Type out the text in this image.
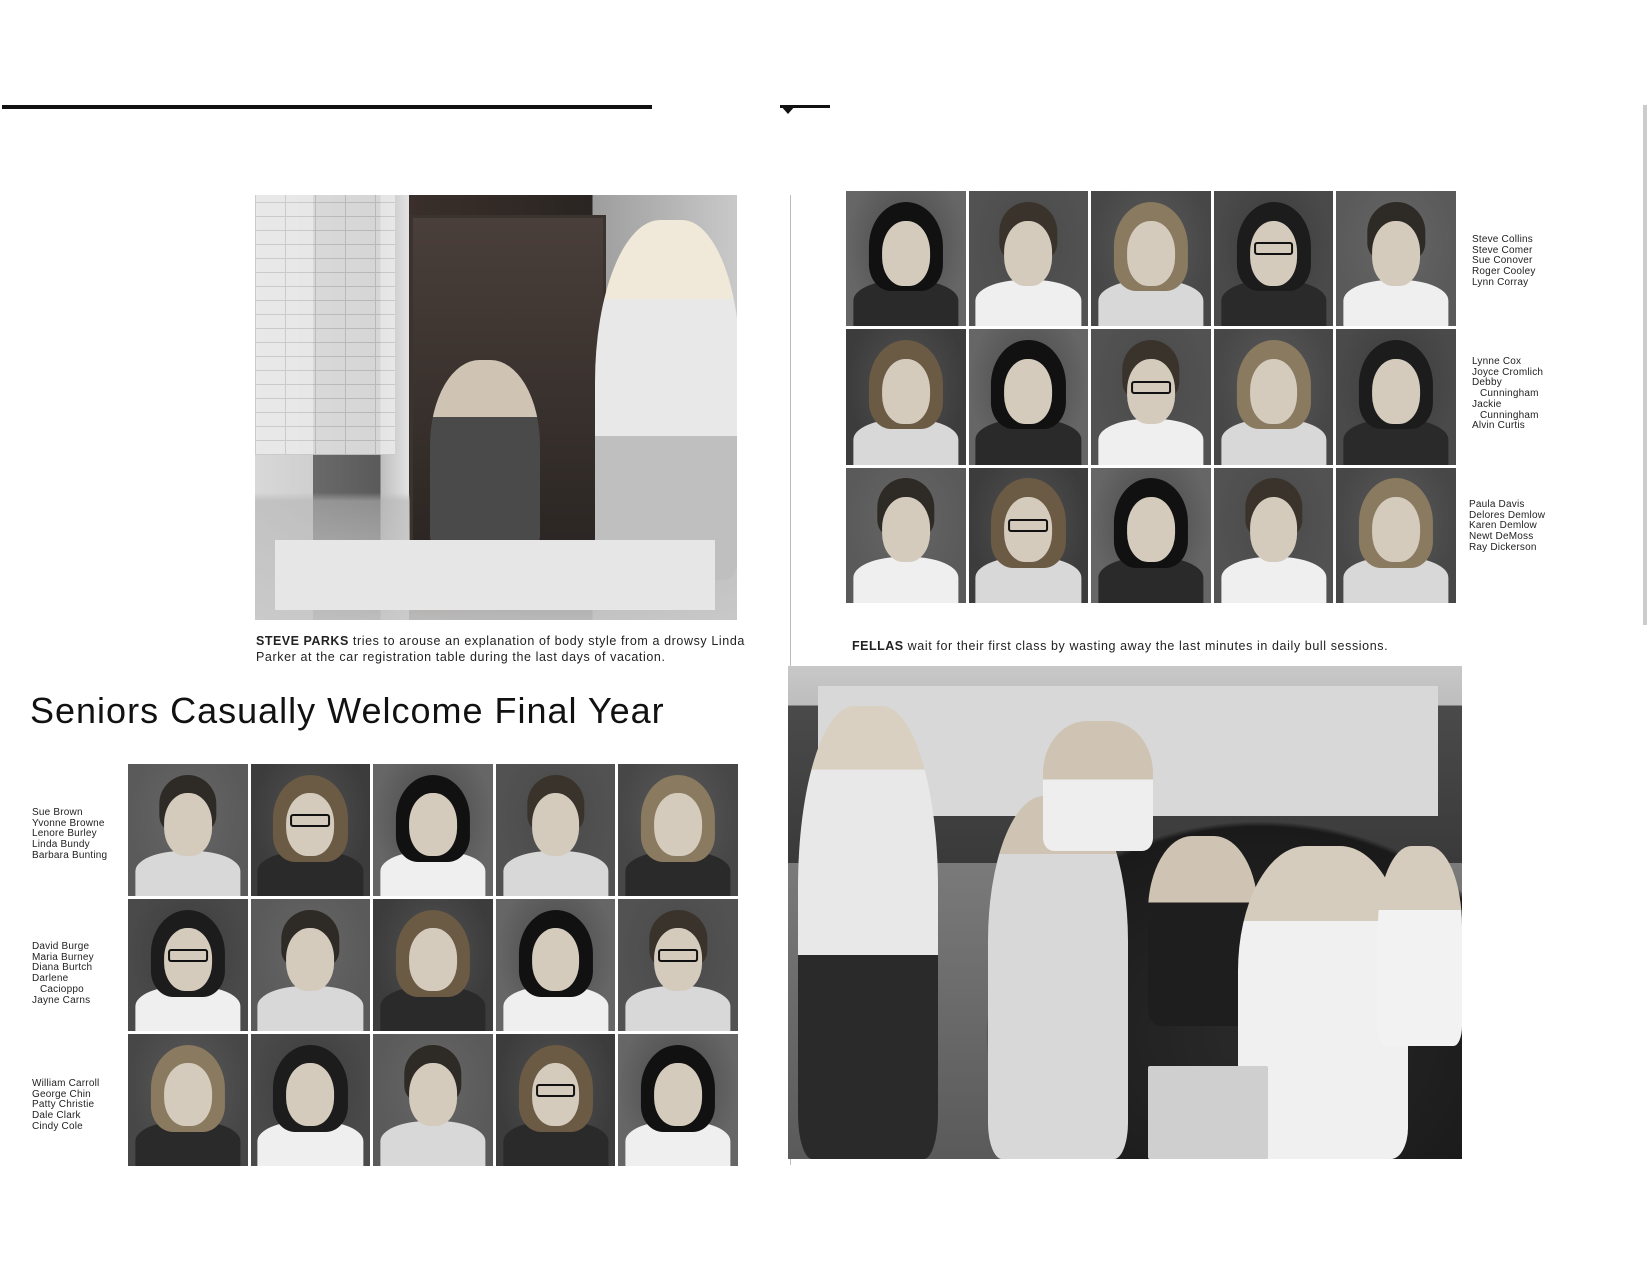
STEVE PARKS tries to arouse an explanation of body style from a drowsy Linda Parker at the car registration table during the last days of vacation.
FELLAS wait for their first class by wasting away the last minutes in daily bull sessions.
Seniors Casually Welcome Final Year
Sue Brown
Yvonne Browne
Lenore Burley
Linda Bundy
Barbara Bunting
David Burge
Maria Burney
Diana Burtch
Darlene
Cacioppo
Jayne Carns
William Carroll
George Chin
Patty Christie
Dale Clark
Cindy Cole
Steve Collins
Steve Comer
Sue Conover
Roger Cooley
Lynn Corray
Lynne Cox
Joyce Cromlich
Debby
Cunningham
Jackie
Cunningham
Alvin Curtis
Paula Davis
Delores Demlow
Karen Demlow
Newt DeMoss
Ray Dickerson
